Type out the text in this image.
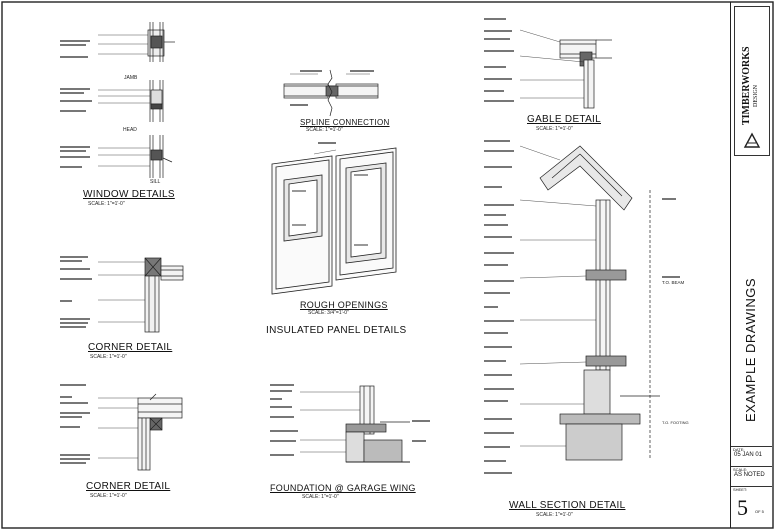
JAMB
HEAD
SILL
T.O. BEAM
T.O. FOOTING
WINDOW DETAILS
SCALE: 1"=1'-0"
CORNER DETAIL
SCALE: 1"=1'-0"
CORNER DETAIL
SCALE: 1"=1'-0"
SPLINE CONNECTION
SCALE: 1"=1'-0"
ROUGH OPENINGS
SCALE: 3/4"=1'-0"
INSULATED PANEL DETAILS
FOUNDATION @ GARAGE WING
SCALE: 1"=1'-0"
GABLE DETAIL
SCALE: 1"=1'-0"
WALL SECTION DETAIL
SCALE: 1"=1'-0"
TIMBERWORKS DESIGN
EXAMPLE DRAWINGS
DATE:
05 JAN 01
SCALE:
AS NOTED
SHEET:
5 OF 5
